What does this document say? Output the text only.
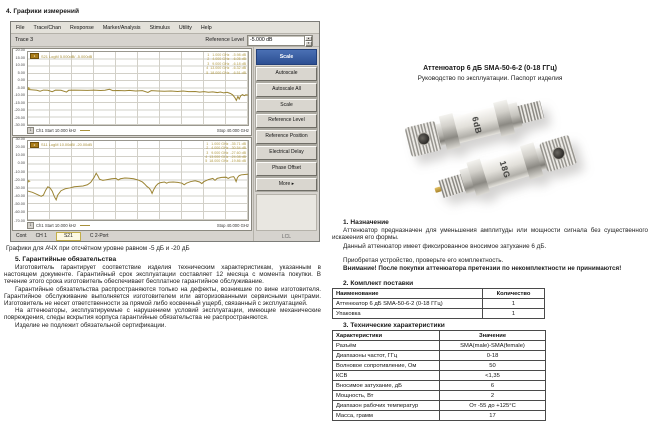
4. Графики измерений
File Trace/Chan Response Marker/Analysis Stimulus Utility Help
Trace 3	Reference Level	-5.000 dB	▲
▼
20.00
15.00
10.00
5.00
0.00
-5.00
-10.00
-15.00
-20.00
-25.00
-30.00
1	S21 LogM 5.000dB/ -5.000dB	1   1.000 GHz   -5.98 dB
2   4.000 GHz   -6.05 dB
3   9.000 GHz   -6.18 dB
4  13.000 GHz   -6.32 dB
5  18.000 GHz   -6.51 dB
►
1	Ch1 Start 10.000 kHz	Stop 40.000 GHz
30.00
20.00
10.00
0.00
-10.00
-20.00
-30.00
-40.00
-50.00
-60.00
-70.00
2	S11 LogM 10.00dB/ -20.00dB	1   1.000 GHz  -35.71 dB
2   4.000 GHz  -30.54 dB
3   9.000 GHz  -27.60 dB
4  13.000 GHz  -24.08 dB
5  18.000 GHz  -19.86 dB
►
1	Ch1 Start 10.000 kHz	Stop 40.000 GHz
Cont CH 1	S21	C 2-Port
Scale
Autoscale
Autoscale All
Scale
Reference Level
Reference Position
Electrical Delay
Phase Offset
More ▸
LCL
Графики для АЧХ при отсчётном уровне равном -5 дБ и -20 дБ
5. Гарантийные обязательства
Изготовитель гарантирует соответствие изделия техническим характеристикам, указанным в настоящем документе. Гарантийный срок эксплуатации составляет 12 месяца с момента покупки. В течение этого срока изготовитель обеспечивает бесплатное гарантийное обслуживание.
Гарантийные обязательства распространяются только на дефекты, возникшие по вине изготовителя. Гарантийное обслуживание выполняется изготовителем или авторизованными сервисными центрами. Изготовитель не несет ответственности за прямой либо косвенный ущерб, связанный с эксплуатацией.
На аттенюаторы, эксплуатируемые с нарушением условий эксплуатации, имеющие механические повреждения, следы вскрытия корпуса гарантийные обязательства не распространяются.
Изделие не подлежит обязательной сертификации.
Аттенюатор 6 дБ SMA-50-6-2 (0-18 ГГц)
Руководство по эксплуатации. Паспорт изделия
6dB
18G
1. Назначение
Аттенюатор предназначен для уменьшения амплитуды или мощности сигнала без существенного искажения его формы.
Данный аттенюатор имеет фиксированное вносимое затухание 6 дБ.
Приобретая устройство, проверьте его комплектность.
Внимание! После покупки аттенюатора претензии по некомплектности не принимаются!
2. Комплект поставки
Наименование	Количество
Аттенюатор 6 дБ SMA-50-6-2 (0-18 ГГц)	1
Упаковка	1
3. Технические характеристики
Характеристики	Значение
Разъём	SMA(male)-SMA(female)
Диапазоны частот, ГГц	0-18
Волновое сопротивление, Ом	50
КСВ	<1,35
Вносимое затухание, дБ	6
Мощность, Вт	2
Диапазон рабочих температур	От -55 до +125°С
Масса, грамм	17
